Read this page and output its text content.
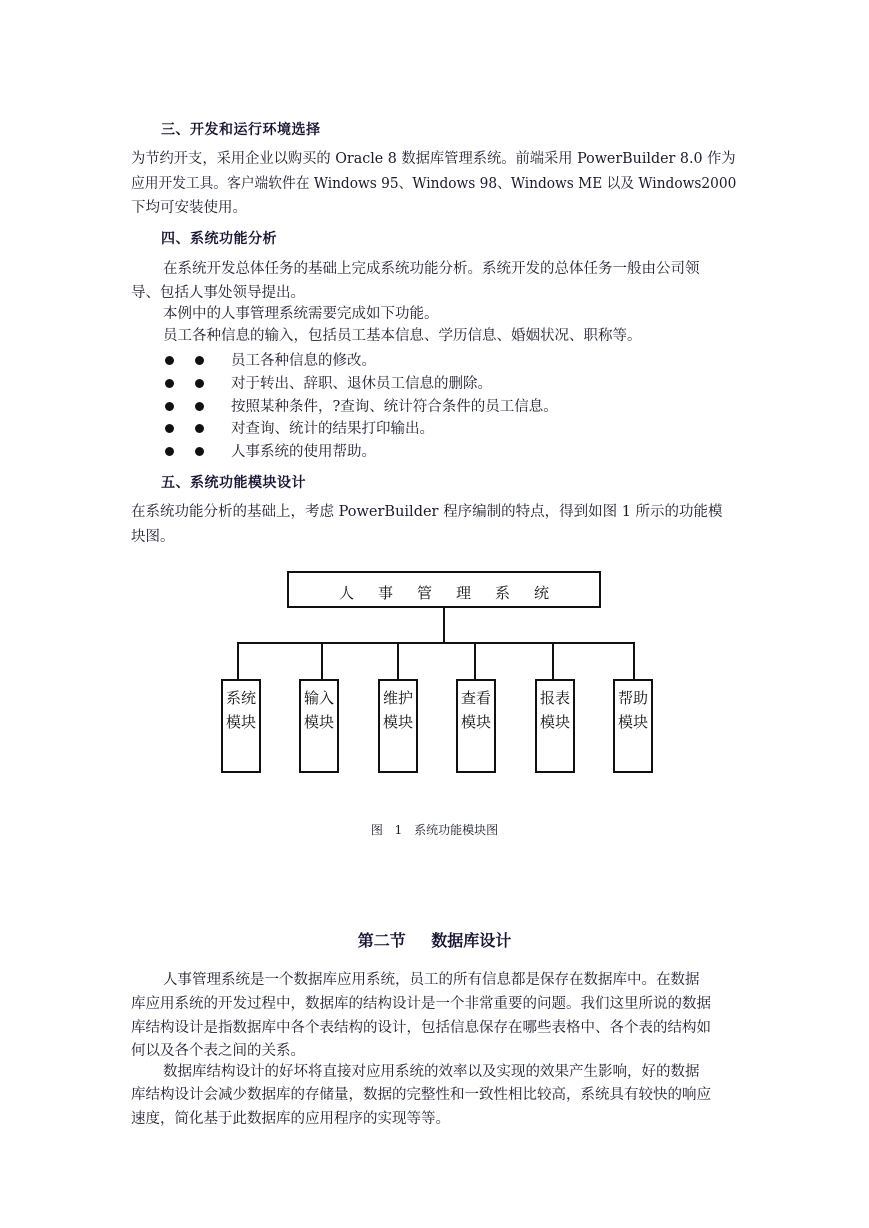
三、开发和运行环境选择
为节约开支，采用企业以购买的 Oracle 8 数据库管理系统。前端采用 PowerBuilder 8.0 作为
应用开发工具。客户端软件在 Windows 95、Windows 98、Windows ME 以及 Windows2000
下均可安装使用。
四、系统功能分析
在系统开发总体任务的基础上完成系统功能分析。系统开发的总体任务一般由公司领
导、包括人事处领导提出。
本例中的人事管理系统需要完成如下功能。
员工各种信息的输入，包括员工基本信息、学历信息、婚姻状况、职称等。
员工各种信息的修改。
对于转出、辞职、退休员工信息的删除。
按照某种条件，?查询、统计符合条件的员工信息。
对查询、统计的结果打印输出。
人事系统的使用帮助。
五、系统功能模块设计
在系统功能分析的基础上，考虑 PowerBuilder 程序编制的特点，得到如图 1 所示的功能模
块图。
人事管理系统
系统模块
输入模块
维护模块
查看模块
报表模块
帮助模块
图 1 系统功能模块图
第二节 数据库设计
人事管理系统是一个数据库应用系统，员工的所有信息都是保存在数据库中。在数据
库应用系统的开发过程中，数据库的结构设计是一个非常重要的问题。我们这里所说的数据
库结构设计是指数据库中各个表结构的设计，包括信息保存在哪些表格中、各个表的结构如
何以及各个表之间的关系。
数据库结构设计的好坏将直接对应用系统的效率以及实现的效果产生影响，好的数据
库结构设计会减少数据库的存储量，数据的完整性和一致性相比较高，系统具有较快的响应
速度，简化基于此数据库的应用程序的实现等等。
